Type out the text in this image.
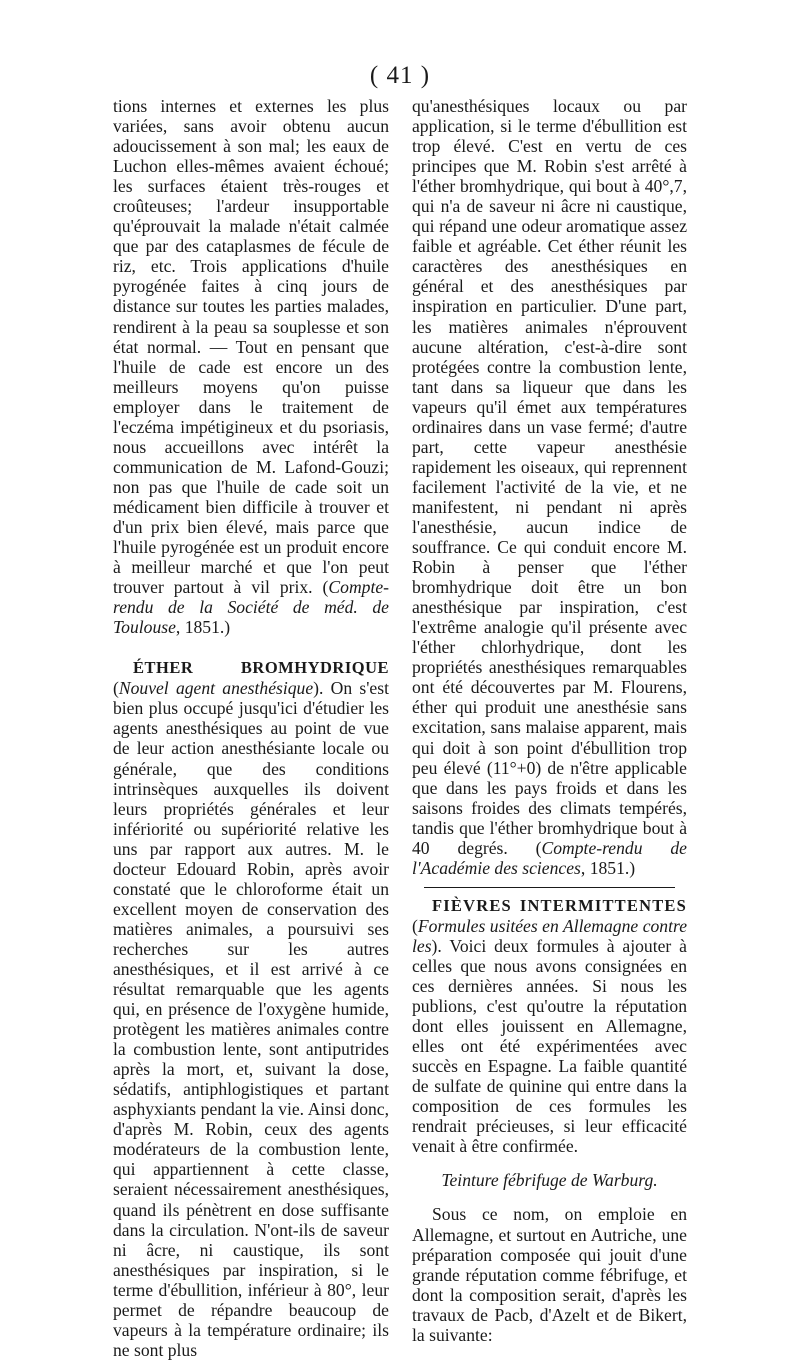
( 41 )

tions internes et externes les plus variées, sans avoir obtenu aucun adoucissement à son mal; les eaux de Luchon elles-mêmes avaient échoué; les surfaces étaient très-rouges et croûteuses; l'ardeur insupportable qu'éprouvait la malade n'était calmée que par des cataplasmes de fécule de riz, etc. Trois applications d'huile pyrogénée faites à cinq jours de distance sur toutes les parties malades, rendirent à la peau sa souplesse et son état normal. — Tout en pensant que l'huile de cade est encore un des meilleurs moyens qu'on puisse employer dans le traitement de l'eczéma impétigineux et du psoriasis, nous accueillons avec intérêt la communication de M. Lafond-Gouzi; non pas que l'huile de cade soit un médicament bien difficile à trouver et d'un prix bien élevé, mais parce que l'huile pyrogénée est un produit encore à meilleur marché et que l'on peut trouver partout à vil prix. (Compte-rendu de la Société de méd. de Toulouse, 1851.)

ÉTHER BROMHYDRIQUE (Nouvel agent anesthésique). On s'est bien plus occupé jusqu'ici d'étudier les agents anesthésiques au point de vue de leur action anesthésiante locale ou générale, que des conditions intrinsèques auxquelles ils doivent leurs propriétés générales et leur infériorité ou supériorité relative les uns par rapport aux autres. M. le docteur Edouard Robin, après avoir constaté que le chloroforme était un excellent moyen de conservation des matières animales, a poursuivi ses recherches sur les autres anesthésiques, et il est arrivé à ce résultat remarquable que les agents qui, en présence de l'oxygène humide, protègent les matières animales contre la combustion lente, sont antiputrides après la mort, et, suivant la dose, sédatifs, antiphlogistiques et partant asphyxiants pendant la vie. Ainsi donc, d'après M. Robin, ceux des agents modérateurs de la combustion lente, qui appartiennent à cette classe, seraient nécessairement anesthésiques, quand ils pénètrent en dose suffisante dans la circulation. N'ont-ils de saveur ni âcre, ni caustique, ils sont anesthésiques par inspiration, si le terme d'ébullition, inférieur à 80°, leur permet de répandre beaucoup de vapeurs à la température ordinaire; ils ne sont plus

qu'anesthésiques locaux ou par application, si le terme d'ébullition est trop élevé. C'est en vertu de ces principes que M. Robin s'est arrêté à l'éther bromhydrique, qui bout à 40°,7, qui n'a de saveur ni âcre ni caustique, qui répand une odeur aromatique assez faible et agréable. Cet éther réunit les caractères des anesthésiques en général et des anesthésiques par inspiration en particulier. D'une part, les matières animales n'éprouvent aucune altération, c'est-à-dire sont protégées contre la combustion lente, tant dans sa liqueur que dans les vapeurs qu'il émet aux températures ordinaires dans un vase fermé; d'autre part, cette vapeur anesthésie rapidement les oiseaux, qui reprennent facilement l'activité de la vie, et ne manifestent, ni pendant ni après l'anesthésie, aucun indice de souffrance. Ce qui conduit encore M. Robin à penser que l'éther bromhydrique doit être un bon anesthésique par inspiration, c'est l'extrême analogie qu'il présente avec l'éther chlorhydrique, dont les propriétés anesthésiques remarquables ont été découvertes par M. Flourens, éther qui produit une anesthésie sans excitation, sans malaise apparent, mais qui doit à son point d'ébullition trop peu élevé (11°+0) de n'être applicable que dans les pays froids et dans les saisons froides des climats tempérés, tandis que l'éther bromhydrique bout à 40 degrés. (Compte-rendu de l'Académie des sciences, 1851.)

FIÈVRES INTERMITTENTES (Formules usitées en Allemagne contre les). Voici deux formules à ajouter à celles que nous avons consignées en ces dernières années. Si nous les publions, c'est qu'outre la réputation dont elles jouissent en Allemagne, elles ont été expérimentées avec succès en Espagne. La faible quantité de sulfate de quinine qui entre dans la composition de ces formules les rendrait précieuses, si leur efficacité venait à être confirmée.

Teinture fébrifuge de Warburg.

Sous ce nom, on emploie en Allemagne, et surtout en Autriche, une préparation composée qui jouit d'une grande réputation comme fébrifuge, et dont la composition serait, d'après les travaux de Pacb, d'Azelt et de Bikert, la suivante:
